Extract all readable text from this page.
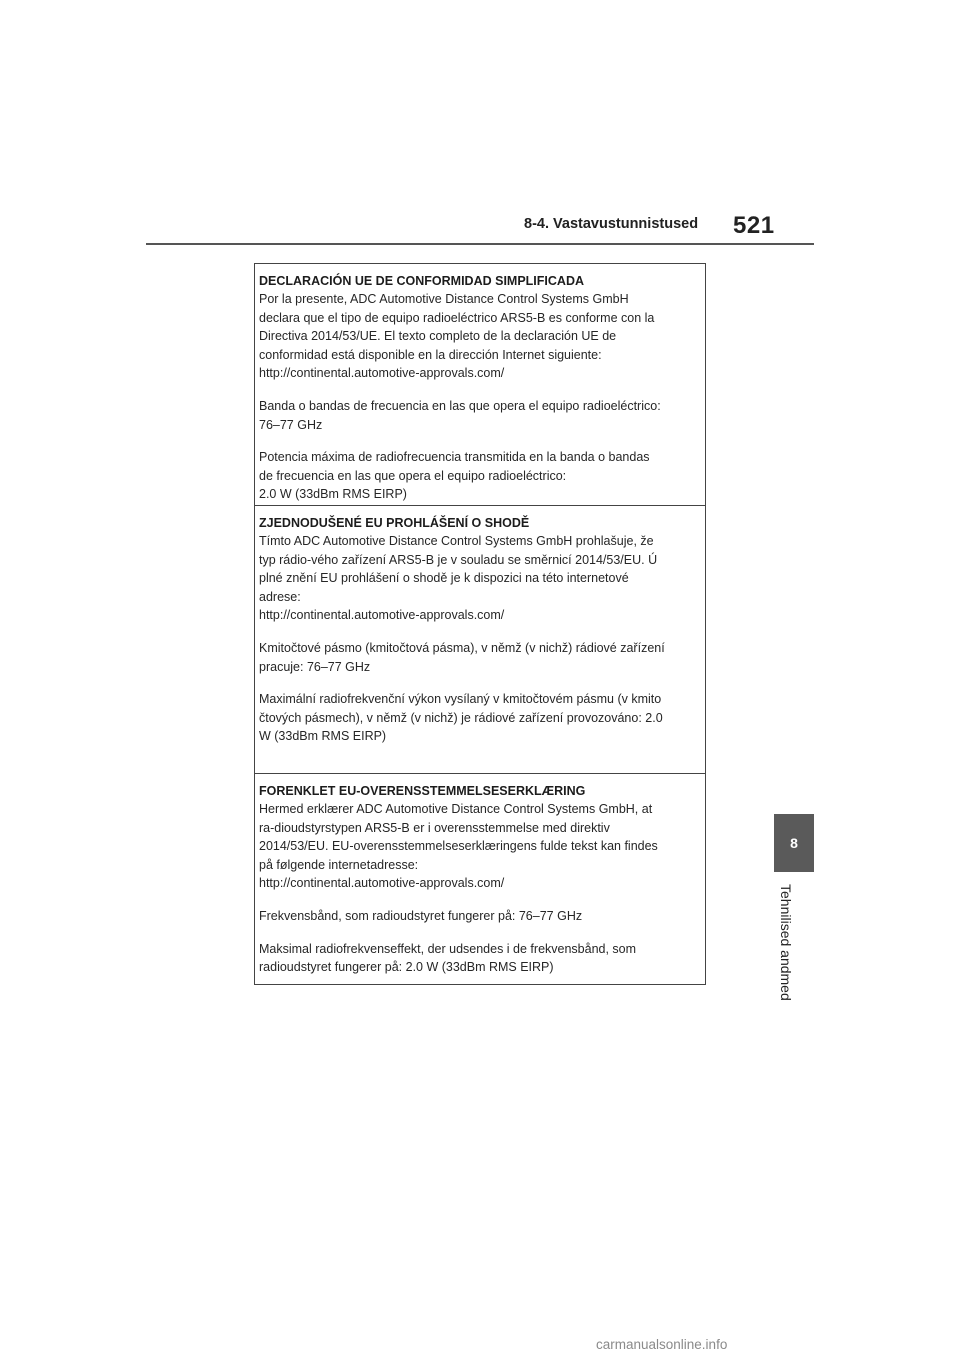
8-4. Vastavustunnistused 521
8
Tehnilised andmed

DECLARACIÓN UE DE CONFORMIDAD SIMPLIFICADA

Por la presente, ADC Automotive Distance Control Systems GmbH
declara que el tipo de equipo radioeléctrico ARS5-B es conforme con la
Directiva 2014/53/UE. El texto completo de la declaración UE de
conformidad está disponible en la dirección Internet siguiente:
http://continental.automotive-approvals.com/

Banda o bandas de frecuencia en las que opera el equipo radioeléctrico:
76–77 GHz

Potencia máxima de radiofrecuencia transmitida en la banda o bandas
de frecuencia en las que opera el equipo radioeléctrico:
2.0 W (33dBm RMS EIRP)

ZJEDNODUŠENÉ EU PROHLÁŠENÍ O SHODĚ

Tímto ADC Automotive Distance Control Systems GmbH prohlašuje, že
typ rádio-vého zařízení ARS5-B je v souladu se směrnicí 2014/53/EU. Ú
plné znění EU prohlášení o shodě je k dispozici na této internetové
adrese:
http://continental.automotive-approvals.com/

Kmitočtové pásmo (kmitočtová pásma), v němž (v nichž) rádiové zařízení
pracuje: 76–77 GHz

Maximální radiofrekvenční výkon vysílaný v kmitočtovém pásmu (v kmito
čtových pásmech), v němž (v nichž) je rádiové zařízení provozováno: 2.0
W (33dBm RMS EIRP)

FORENKLET EU-OVERENSSTEMMELSESERKLÆRING

Hermed erklærer ADC Automotive Distance Control Systems GmbH, at
ra-dioudstyrstypen ARS5-B er i overensstemmelse med direktiv
2014/53/EU. EU-overensstemmelseserklæringens fulde tekst kan findes
på følgende internetadresse:
http://continental.automotive-approvals.com/

Frekvensbånd, som radioudstyret fungerer på: 76–77 GHz

Maksimal radiofrekvenseffekt, der udsendes i de frekvensbånd, som
radioudstyret fungerer på: 2.0 W (33dBm RMS EIRP)

carmanualsonline.info
